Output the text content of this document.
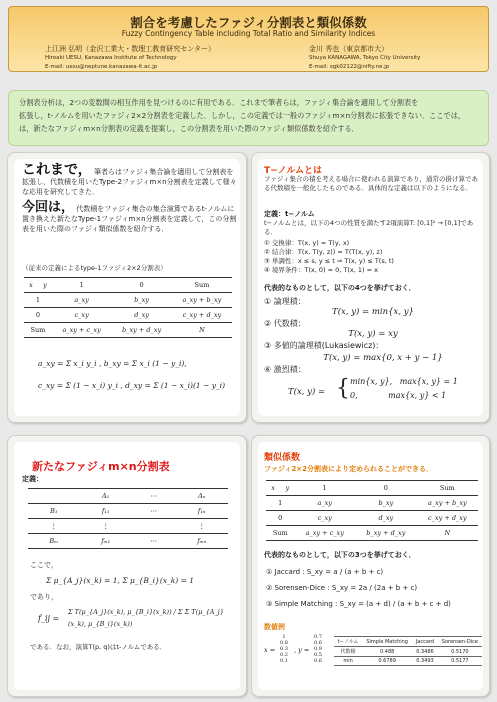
割合を考慮したファジィ分割表と類似係数
Fuzzy Contingency Table including Total Ratio and Similarity Indices
上江洲 弘明（金沢工業大・数理工教育研究センター）
Hiroaki UESU, Kanazawa Institute of Technology
E-mail: uesu@neptune.kanazawa-it.ac.jp
金川 秀也（東京都市大）
Shuya KANAGAWA, Tokyo City University
E-mail: sgk02122@nifty.ne.jp
分割表分析は，2つの変数間の相互作用を見つけるのに有用である．これまで筆者らは，ファジィ集合論を適用して分割表を
拡張し，t-ノルムを用いたファジィ2×2分割表を定義した．しかし，この定義では一般のファジィm×n分割表に拡張できない．ここでは，
は，新たなファジィm×n分割表の定義を提案し，この分割表を用いた際のファジィ類似係数を紹介する．
これまで， 筆者らはファジィ集合論を適用して分割表を拡張し，代数積を用いたType-2ファジィm×n分割表を定義して様々な応用を研究してきた．
今回は， 代数積をファジィ集合の集合演算であるt-ノルムに置き換えた新たなType-1ファジィm×n分割表を定義して，この分割表を用いた際のファジィ類似係数を紹介する．
（従来の定義によるtype-1ファジィ2×2分割表）
x	y	1	0	Sum
1		a_xy	b_xy	a_xy + b_xy
0		c_xy	d_xy	c_xy + d_xy
Sum		a_xy + c_xy	b_xy + d_xy	N
a_xy = Σ x_i y_i , b_xy = Σ x_i (1 − y_i),
c_xy = Σ (1 − x_i) y_i , d_xy = Σ (1 − x_i)(1 − y_i)
T−ノルムとは
ファジィ集合の積を考える場合に使われる演算であり，通常の掛け算である代数積を一般化したものである．具体的な定義は以下のようになる．
定義：t−ノルム
t−ノルムとは，以下の4つの性質を満たす2項演算T: [0,1]² → [0,1]である．
① 交換律：T(x, y) = T(y, x)
② 結合律：T(x, T(y, z)) = T(T(x, y), z)
③ 単調性：x ≤ s, y ≤ t ⇒ T(x, y) ≤ T(s, t)
④ 境界条件：T(x, 0) = 0, T(x, 1) = x
代表的なものとして，以下の4つを挙げておく．
① 論理積：
T(x, y) = min{x, y}
② 代数積：
T(x, y) = xy
③ 多値的論理積(Lukasiewicz)：
T(x, y) = max{0, x + y − 1}
④ 激烈積：
T(x, y) = { min{x, y},   max{x, y} = 1
0,            max{x, y} < 1
新たなファジィm×n分割表
定義：
	A₁	⋯	Aₙ
B₁	f₁₁	⋯	f₁ₙ
⋮	⋮		⋮
Bₘ	fₘ₁	⋯	fₘₙ
ここで，
Σ μ_{A_j}(x_k) = 1, Σ μ_{B_i}(x_k) = 1
であり，
f_ij =
Σ T(μ_{A_j}(x_k), μ_{B_i}(x_k)) / Σ Σ T(μ_{A_j}(x_k), μ_{B_i}(x_k))
である．なお，演算T(p, q)はt-ノルムである．
類似係数
ファジィ2×2分割表により定められることができる．
x	y	1	0	Sum
1		a_xy	b_xy	a_xy + b_xy
0		c_xy	d_xy	c_xy + d_xy
Sum		a_xy + c_xy	b_xy + d_xy	N
代表的なものとして，以下の3つを挙げておく．
① Jaccard : S_xy = a / (a + b + c)
② Sorensen-Dice : S_xy = 2a / (2a + b + c)
③ Simple Matching : S_xy = (a + d) / (a + b + c + d)
数値例
x =
1
0.8
0.3
0.2
0.1
, y =
0.7
0.6
0.9
0.5
0.6
t−ノルム	Simple Matching	Jaccard	Sorensen-Dice
代数積	0.488	0.3486	0.5170
min	0.6789	0.3493	0.5177
